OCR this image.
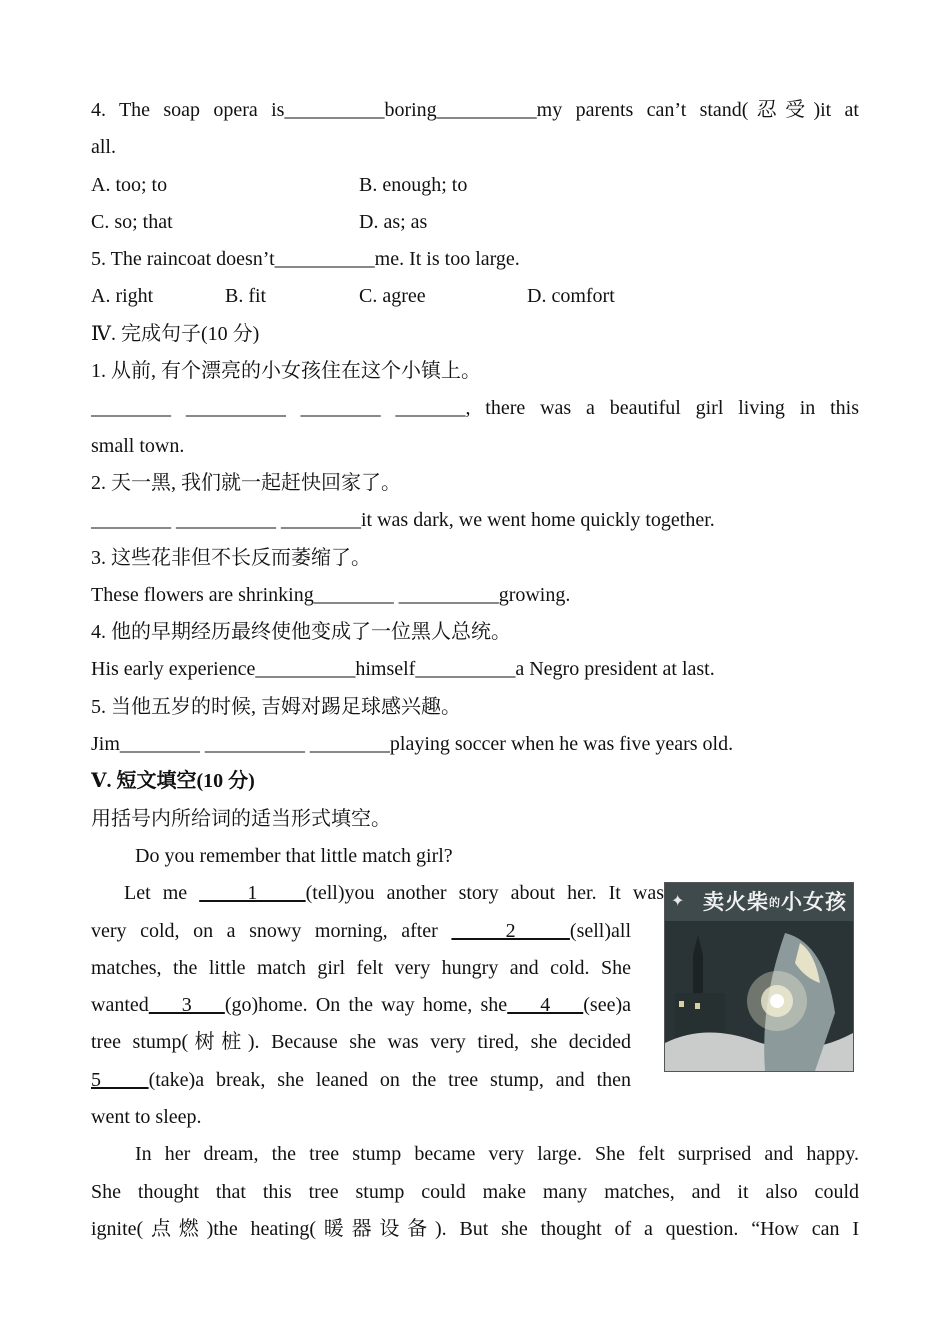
4. The soap opera is__________boring__________my parents can’t stand(忍受)it at
all.
A. too; to	B. enough; to
C. so; that	D. as; as
5. The raincoat doesn’t__________me. It is too large.
A. right	B. fit	C. agree	D. comfort
Ⅳ. 完成句子(10 分)
1. 从前, 有个漂亮的小女孩住在这个小镇上。
________ __________ ________ _______, there was a beautiful girl living in this
small town.
2. 天一黑, 我们就一起赶快回家了。
________ __________ ________it was dark, we went home quickly together.
3. 这些花非但不长反而萎缩了。
These flowers are shrinking________ __________growing.
4. 他的早期经历最终使他变成了一位黑人总统。
His early experience__________himself__________a Negro president at last.
5. 当他五岁的时候, 吉姆对踢足球感兴趣。
Jim________ __________ ________playing soccer when he was five years old.
Ⅴ. 短文填空(10 分)
用括号内所给词的适当形式填空。
Do you remember that little match girl?
Let me     1    (tell)you another story about her. It was
very cold, on a snowy morning, after     2    (sell)all
matches, the little match girl felt very hungry and cold. She
wanted    3    (go)home. On the way home, she    4    (see)a
tree stump(树桩). Because she was very tired, she decided
5    (take)a break, she leaned on the tree stump, and then
went to sleep.
In her dream, the tree stump became very large. She felt surprised and happy.
She thought that this tree stump could make many matches, and it also could
ignite(点燃)the heating(暖器设备). But she thought of a question. “How can I
✦ 卖火柴的小女孩
